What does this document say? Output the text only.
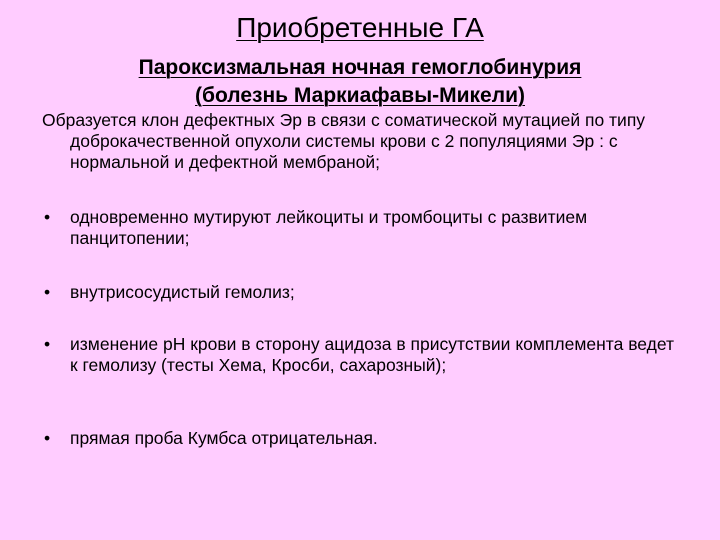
Приобретенные ГА
Пароксизмальная ночная гемоглобинурия
(болезнь Маркиафавы-Микели)
Образуется клон дефектных Эр в связи с соматической мутацией по типу доброкачественной опухоли системы крови с 2 популяциями Эр : с нормальной и дефектной мембраной;
•	одновременно мутируют лейкоциты и тромбоциты с развитием панцитопении;
•	внутрисосудистый гемолиз;
•	изменение рН крови в сторону ацидоза в присутствии комплемента ведет к гемолизу (тесты Хема, Кросби, сахарозный);
•	прямая проба Кумбса отрицательная.
